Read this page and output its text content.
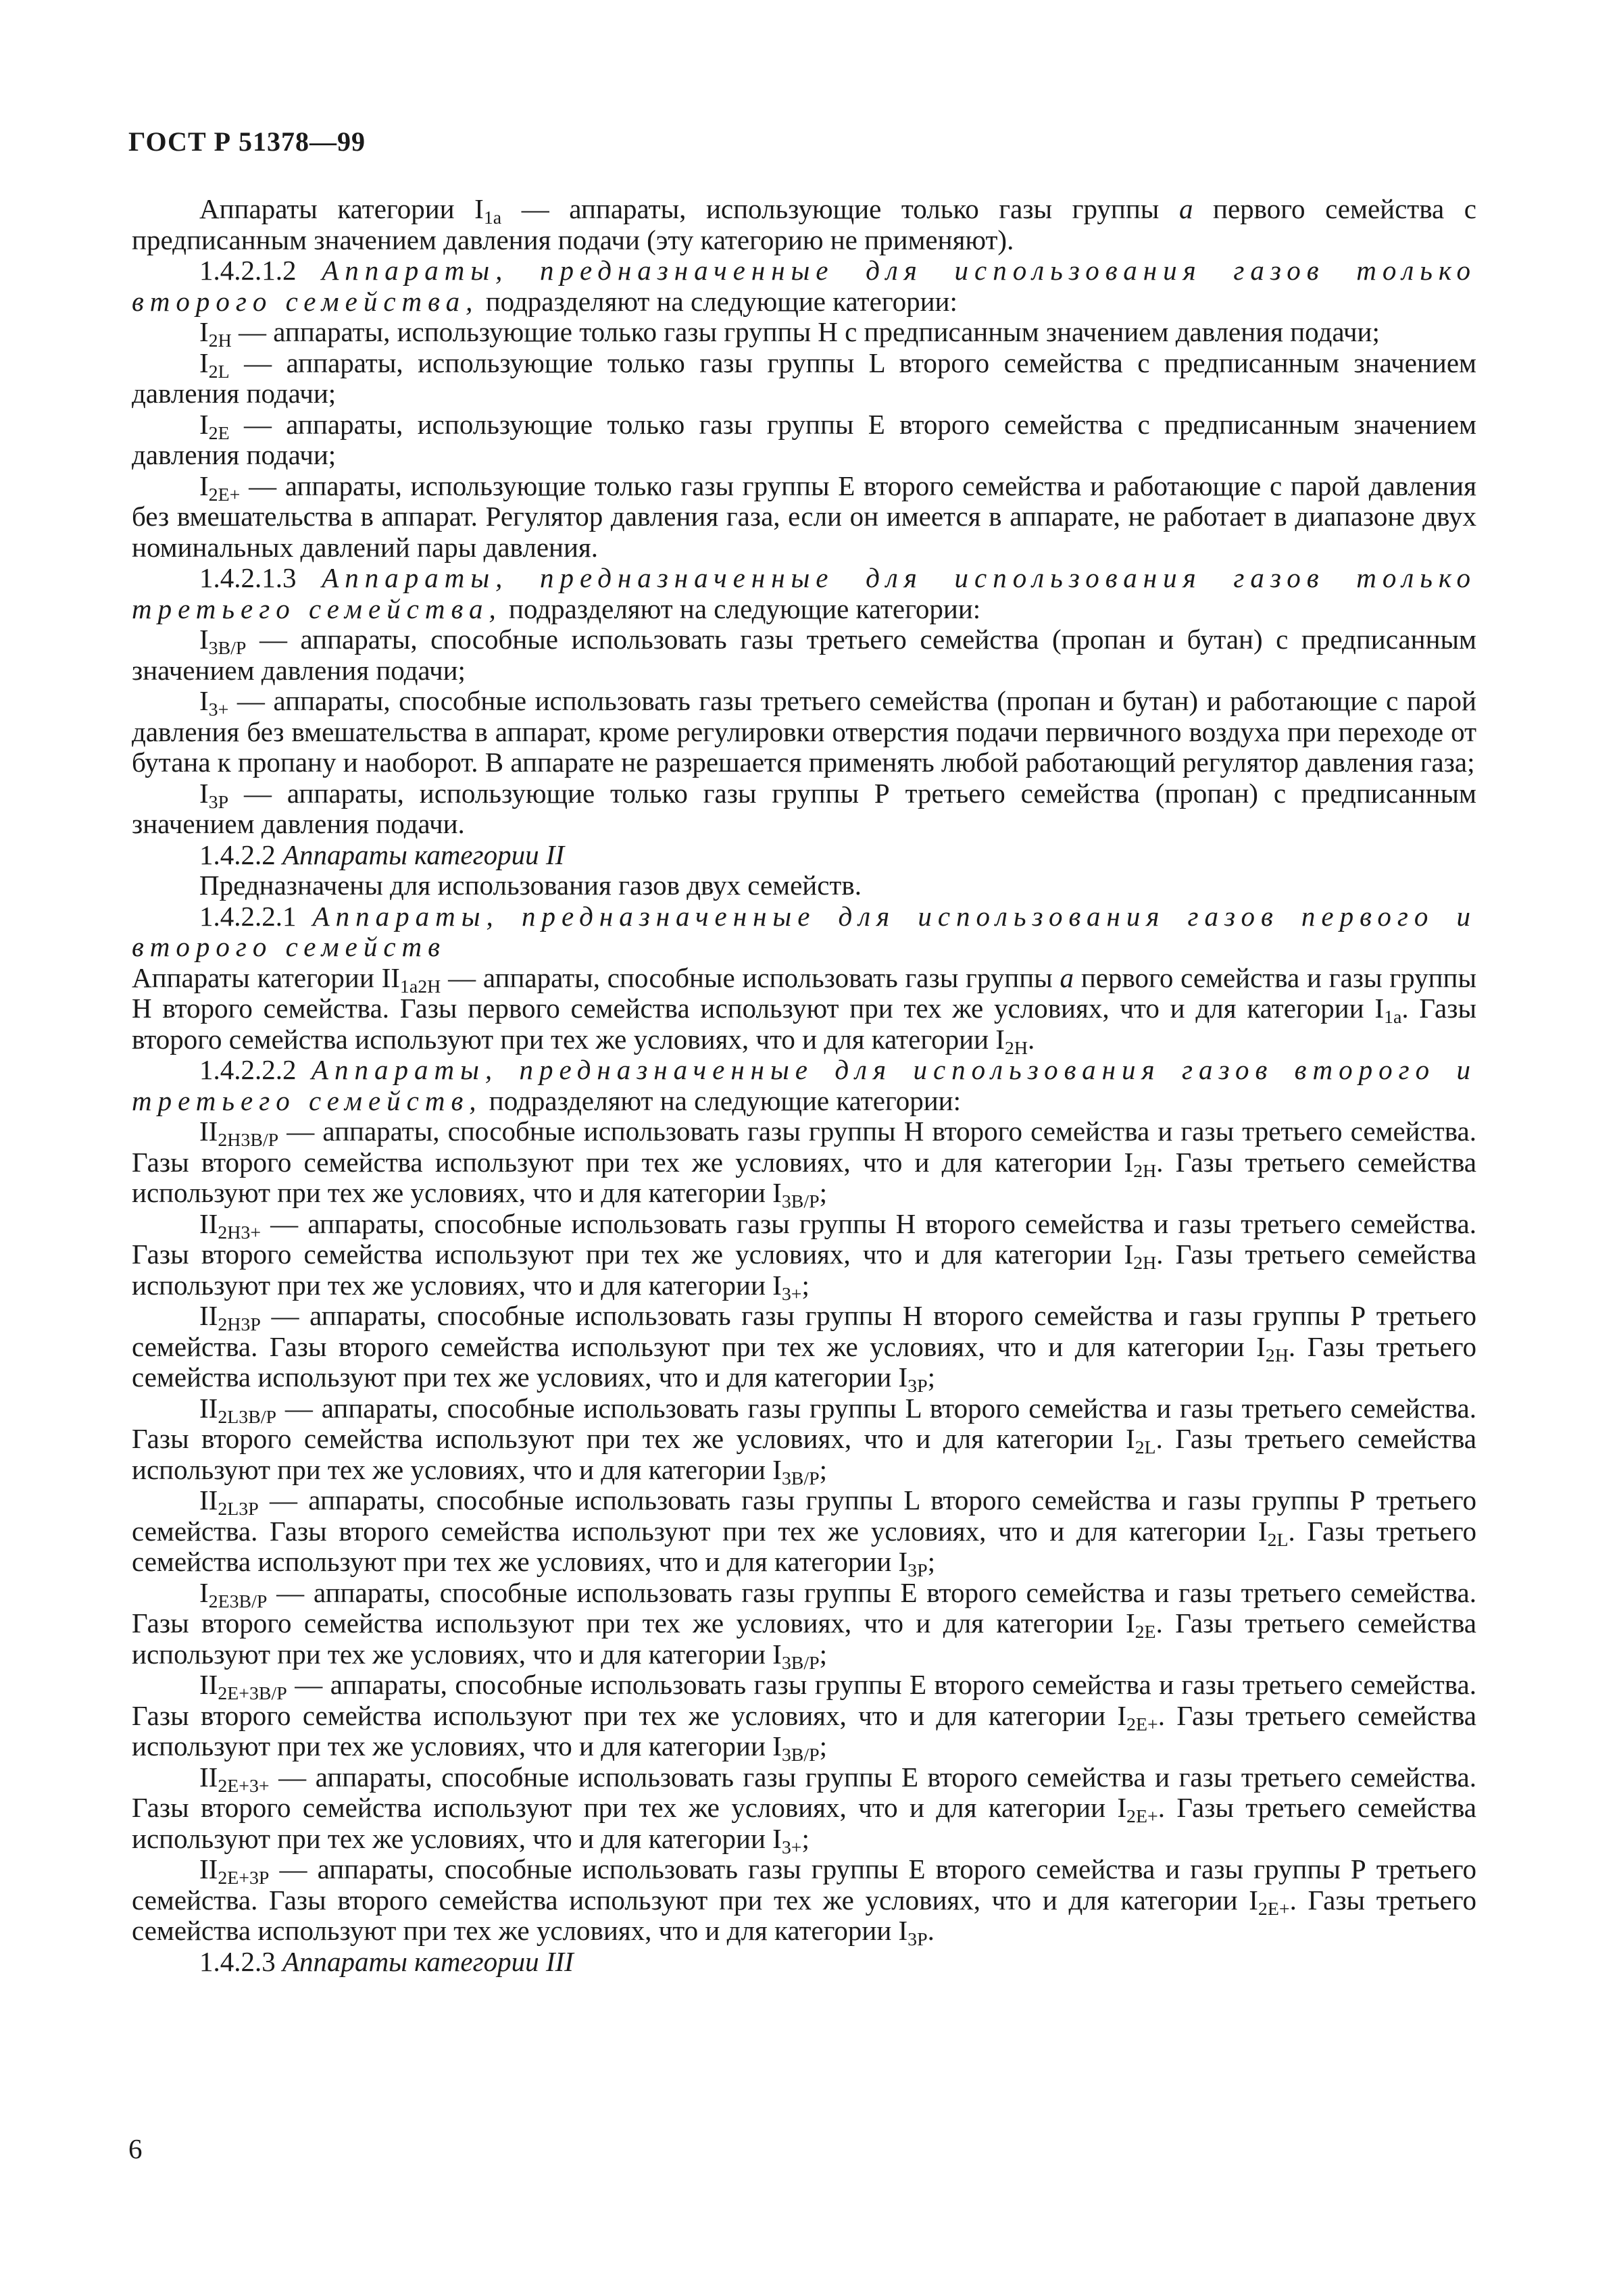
ГОСТ Р 51378—99

Аппараты категории $I_{1a}$ — аппараты, использующие только газы группы a первого семейства с предписанным значением давления подачи (эту категорию не применяют).

1.4.2.1.2 Аппараты, предназначенные для использования газов только второго семейства, подразделяют на следующие категории:

$I_{2H}$ — аппараты, использующие только газы группы Н с предписанным значением давления подачи;

$I_{2L}$ — аппараты, использующие только газы группы L второго семейства с предписанным значением давления подачи;

$I_{2E}$ — аппараты, использующие только газы группы Е второго семейства с предписанным значением давления подачи;

$I_{2E+}$ — аппараты, использующие только газы группы Е второго семейства и работающие с парой давления без вмешательства в аппарат. Регулятор давления газа, если он имеется в аппарате, не работает в диапазоне двух номинальных давлений пары давления.

1.4.2.1.3 Аппараты, предназначенные для использования газов только третьего семейства, подразделяют на следующие категории:

$I_{3B/P}$ — аппараты, способные использовать газы третьего семейства (пропан и бутан) с предписанным значением давления подачи;

$I_{3+}$ — аппараты, способные использовать газы третьего семейства (пропан и бутан) и работающие с парой давления без вмешательства в аппарат, кроме регулировки отверстия подачи первичного воздуха при переходе от бутана к пропану и наоборот. В аппарате не разрешается применять любой работающий регулятор давления газа;

$I_{3P}$ — аппараты, использующие только газы группы Р третьего семейства (пропан) с предписанным значением давления подачи.

1.4.2.2 Аппараты категории II

Предназначены для использования газов двух семейств.

1.4.2.2.1 Аппараты, предназначенные для использования газов первого и второго семейств

Аппараты категории $II_{1a2H}$ — аппараты, способные использовать газы группы a первого семейства и газы группы Н второго семейства. Газы первого семейства используют при тех же условиях, что и для категории $I_{1a}$. Газы второго семейства используют при тех же условиях, что и для категории $I_{2H}$.

1.4.2.2.2 Аппараты, предназначенные для использования газов второго и третьего семейств, подразделяют на следующие категории:

$II_{2H3B/P}$ — аппараты, способные использовать газы группы Н второго семейства и газы третьего семейства. Газы второго семейства используют при тех же условиях, что и для категории $I_{2H}$. Газы третьего семейства используют при тех же условиях, что и для категории $I_{3B/P}$;

$II_{2H3+}$ — аппараты, способные использовать газы группы Н второго семейства и газы третьего семейства. Газы второго семейства используют при тех же условиях, что и для категории $I_{2H}$. Газы третьего семейства используют при тех же условиях, что и для категории $I_{3+}$;

$II_{2H3P}$ — аппараты, способные использовать газы группы Н второго семейства и газы группы Р третьего семейства. Газы второго семейства используют при тех же условиях, что и для категории $I_{2H}$. Газы третьего семейства используют при тех же условиях, что и для категории $I_{3P}$;

$II_{2L3B/P}$ — аппараты, способные использовать газы группы L второго семейства и газы третьего семейства. Газы второго семейства используют при тех же условиях, что и для категории $I_{2L}$. Газы третьего семейства используют при тех же условиях, что и для категории $I_{3B/P}$;

$II_{2L3P}$ — аппараты, способные использовать газы группы L второго семейства и газы группы Р третьего семейства. Газы второго семейства используют при тех же условиях, что и для категории $I_{2L}$. Газы третьего семейства используют при тех же условиях, что и для категории $I_{3P}$;

$I_{2E3B/P}$ — аппараты, способные использовать газы группы Е второго семейства и газы третьего семейства. Газы второго семейства используют при тех же условиях, что и для категории $I_{2E}$. Газы третьего семейства используют при тех же условиях, что и для категории $I_{3B/P}$;

$II_{2E+3B/P}$ — аппараты, способные использовать газы группы Е второго семейства и газы третьего семейства. Газы второго семейства используют при тех же условиях, что и для категории $I_{2E+}$. Газы третьего семейства используют при тех же условиях, что и для категории $I_{3B/P}$;

$II_{2E+3+}$ — аппараты, способные использовать газы группы Е второго семейства и газы третьего семейства. Газы второго семейства используют при тех же условиях, что и для категории $I_{2E+}$. Газы третьего семейства используют при тех же условиях, что и для категории $I_{3+}$;

$II_{2E+3P}$ — аппараты, способные использовать газы группы Е второго семейства и газы группы Р третьего семейства. Газы второго семейства используют при тех же условиях, что и для категории $I_{2E+}$. Газы третьего семейства используют при тех же условиях, что и для категории $I_{3P}$.

1.4.2.3 Аппараты категории III

6
